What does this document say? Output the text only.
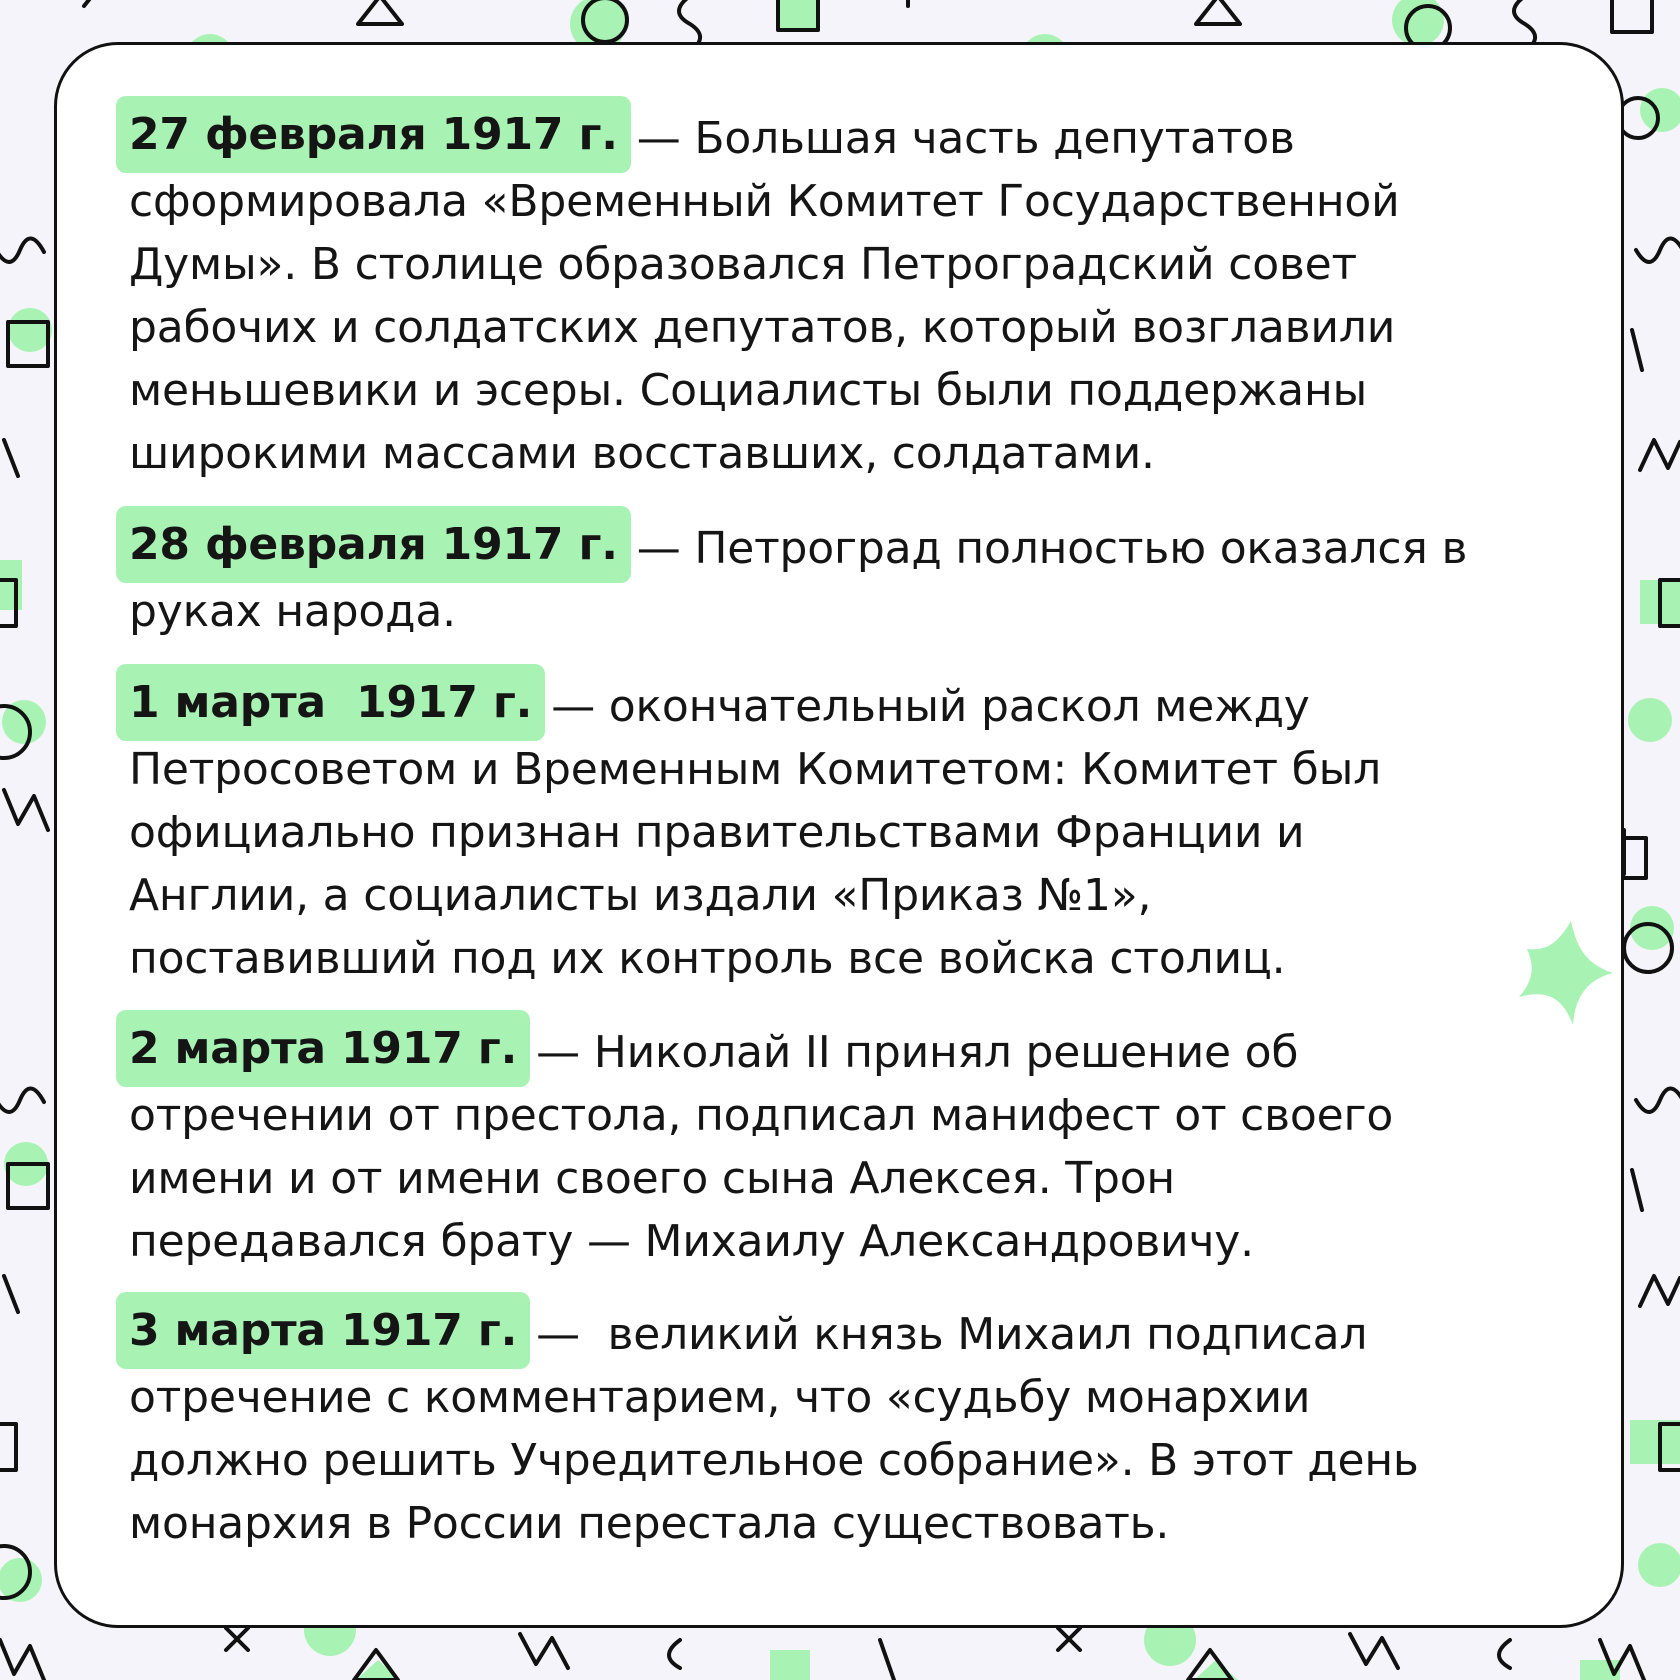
27 февраля 1917 г. — Большая часть депутатов
сформировала «Временный Комитет Государственной
Думы». В столице образовался Петроградский совет
рабочих и солдатских депутатов, который возглавили
меньшевики и эсеры. Социалисты были поддержаны
широкими массами восставших, солдатами.
28 февраля 1917 г. — Петроград полностью оказался в
руках народа.
1 марта  1917 г. — окончательный раскол между
Петросоветом и Временным Комитетом: Комитет был
официально признан правительствами Франции и
Англии, а социалисты издали «Приказ №1»,
поставивший под их контроль все войска столиц.
2 марта 1917 г. — Николай II принял решение об
отречении от престола, подписал манифест от своего
имени и от имени своего сына Алексея. Трон
передавался брату — Михаилу Александровичу.
3 марта 1917 г. —  великий князь Михаил подписал
отречение с комментарием, что «судьбу монархии
должно решить Учредительное собрание». В этот день
монархия в России перестала существовать.
